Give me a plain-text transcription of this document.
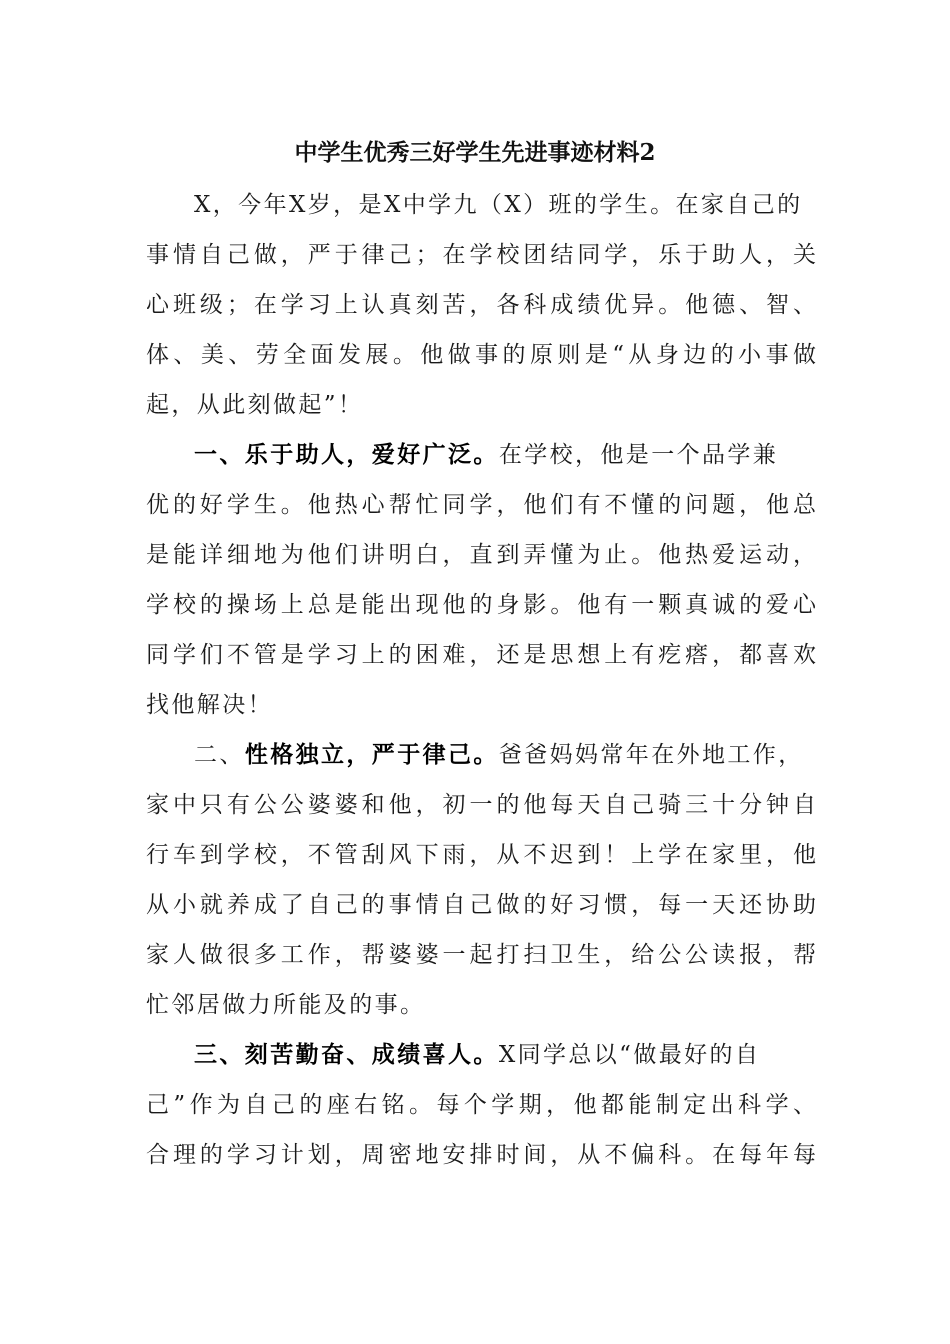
中学生优秀三好学生先进事迹材料2
X，今年X岁，是X中学九（X）班的学生。在家自己的
事情自己做，严于律己；在学校团结同学，乐于助人，关
心班级；在学习上认真刻苦，各科成绩优异。他德、智、
体、美、劳全面发展。他做事的原则是“从身边的小事做
起，从此刻做起”！
一、乐于助人，爱好广泛。在学校，他是一个品学兼
优的好学生。他热心帮忙同学，他们有不懂的问题，他总
是能详细地为他们讲明白，直到弄懂为止。他热爱运动，
学校的操场上总是能出现他的身影。他有一颗真诚的爱心
同学们不管是学习上的困难，还是思想上有疙瘩，都喜欢
找他解决！
二、性格独立，严于律己。爸爸妈妈常年在外地工作，
家中只有公公婆婆和他，初一的他每天自己骑三十分钟自
行车到学校，不管刮风下雨，从不迟到！上学在家里，他
从小就养成了自己的事情自己做的好习惯，每一天还协助
家人做很多工作，帮婆婆一起打扫卫生，给公公读报，帮
忙邻居做力所能及的事。
三、刻苦勤奋、成绩喜人。X同学总以“做最好的自
己”作为自己的座右铭。每个学期，他都能制定出科学、
合理的学习计划，周密地安排时间，从不偏科。在每年每
